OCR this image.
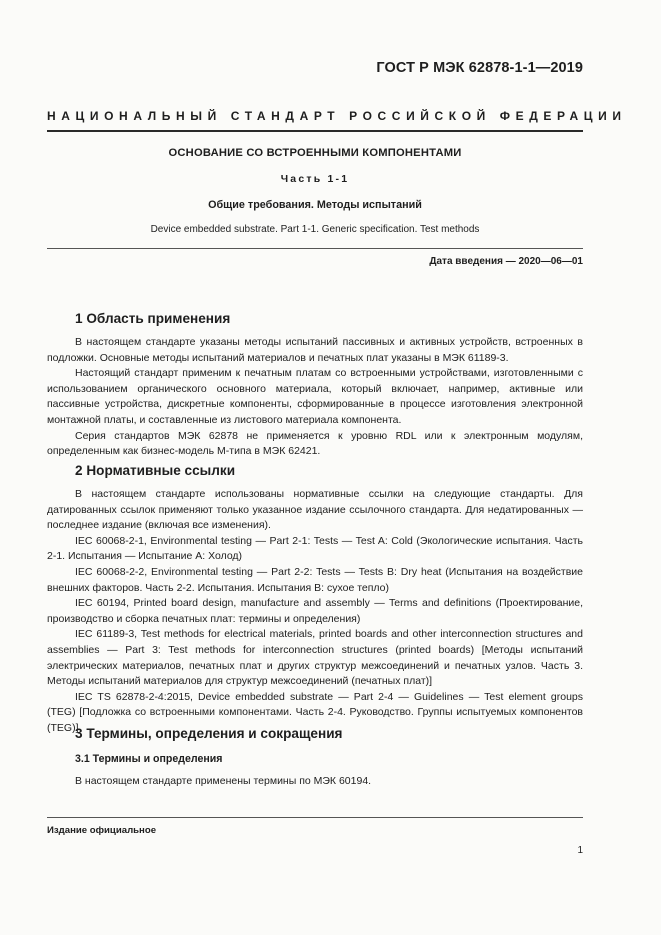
ГОСТ Р МЭК 62878-1-1—2019
НАЦИОНАЛЬНЫЙ СТАНДАРТ РОССИЙСКОЙ ФЕДЕРАЦИИ
ОСНОВАНИЕ СО ВСТРОЕННЫМИ КОМПОНЕНТАМИ
Часть 1-1
Общие требования. Методы испытаний
Device embedded substrate. Part 1-1. Generic specification. Test methods
Дата введения — 2020—06—01
1 Область применения

В настоящем стандарте указаны методы испытаний пассивных и активных устройств, встроенных в подложки. Основные методы испытаний материалов и печатных плат указаны в МЭК 61189-3.

Настоящий стандарт применим к печатным платам со встроенными устройствами, изготовленными с использованием органического основного материала, который включает, например, активные или пассивные устройства, дискретные компоненты, сформированные в процессе изготовления электронной монтажной платы, и составленные из листового материала компонента.

Серия стандартов МЭК 62878 не применяется к уровню RDL или к электронным модулям, определенным как бизнес-модель М-типа в МЭК 62421.

2 Нормативные ссылки

В настоящем стандарте использованы нормативные ссылки на следующие стандарты. Для датированных ссылок применяют только указанное издание ссылочного стандарта. Для недатированных — последнее издание (включая все изменения).

IEC 60068-2-1, Environmental testing — Part 2-1: Tests — Test A: Cold (Экологические испытания. Часть 2-1. Испытания — Испытание А: Холод)

IEC 60068-2-2, Environmental testing — Part 2-2: Tests — Tests B: Dry heat (Испытания на воздействие внешних факторов. Часть 2-2. Испытания. Испытания В: сухое тепло)

IEC 60194, Printed board design, manufacture and assembly — Terms and definitions (Проектирование, производство и сборка печатных плат: термины и определения)

IEC 61189-3, Test methods for electrical materials, printed boards and other interconnection structures and assemblies — Part 3: Test methods for interconnection structures (printed boards) [Методы испытаний электрических материалов, печатных плат и других структур межсоединений и печатных узлов. Часть 3. Методы испытаний материалов для структур межсоединений (печатных плат)]

IEC TS 62878-2-4:2015, Device embedded substrate — Part 2-4 — Guidelines — Test element groups (TEG) [Подложка со встроенными компонентами. Часть 2-4. Руководство. Группы испытуемых компонентов (TEG)]

3 Термины, определения и сокращения
3.1 Термины и определения

В настоящем стандарте применены термины по МЭК 60194.

Издание официальное
1
